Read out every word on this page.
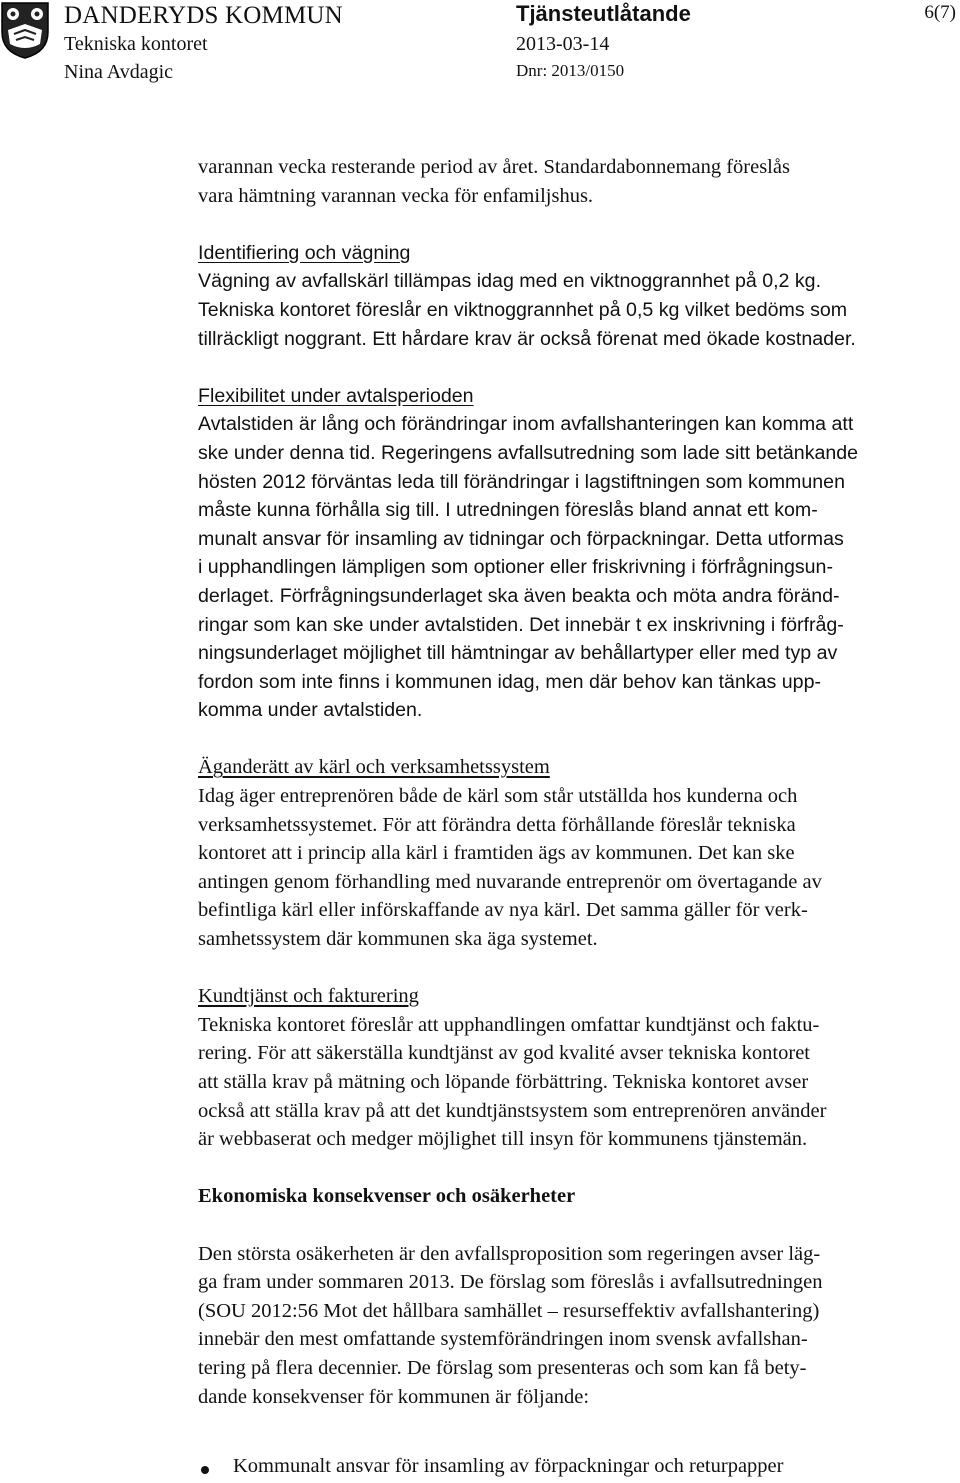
DANDERYDS KOMMUN
Tekniska kontoret
Nina Avdagic
Tjänsteutlåtande
2013-03-14
Dnr: 2013/0150
6(7)

varannan vecka resterande period av året. Standardabonnemang föreslås
vara hämtning varannan vecka för enfamiljshus.

Identifiering och vägning
Vägning av avfallskärl tillämpas idag med en viktnoggrannhet på 0,2 kg.
Tekniska kontoret föreslår en viktnoggrannhet på 0,5 kg vilket bedöms som
tillräckligt noggrant. Ett hårdare krav är också förenat med ökade kostnader.
Flexibilitet under avtalsperioden
Avtalstiden är lång och förändringar inom avfallshanteringen kan komma att
ske under denna tid. Regeringens avfallsutredning som lade sitt betänkande
hösten 2012 förväntas leda till förändringar i lagstiftningen som kommunen
måste kunna förhålla sig till. I utredningen föreslås bland annat ett kom-
munalt ansvar för insamling av tidningar och förpackningar. Detta utformas
i upphandlingen lämpligen som optioner eller friskrivning i förfrågningsun-
derlaget. Förfrågningsunderlaget ska även beakta och möta andra föränd-
ringar som kan ske under avtalstiden. Det innebär t ex inskrivning i förfråg-
ningsunderlaget möjlighet till hämtningar av behållartyper eller med typ av
fordon som inte finns i kommunen idag, men där behov kan tänkas upp-
komma under avtalstiden.
Äganderätt av kärl och verksamhetssystem
Idag äger entreprenören både de kärl som står utställda hos kunderna och
verksamhetssystemet. För att förändra detta förhållande föreslår tekniska
kontoret att i princip alla kärl i framtiden ägs av kommunen. Det kan ske
antingen genom förhandling med nuvarande entreprenör om övertagande av
befintliga kärl eller införskaffande av nya kärl. Det samma gäller för verk-
samhetssystem där kommunen ska äga systemet.
Kundtjänst och fakturering
Tekniska kontoret föreslår att upphandlingen omfattar kundtjänst och faktu-
rering. För att säkerställa kundtjänst av god kvalité avser tekniska kontoret
att ställa krav på mätning och löpande förbättring. Tekniska kontoret avser
också att ställa krav på att det kundtjänstsystem som entreprenören använder
är webbaserat och medger möjlighet till insyn för kommunens tjänstemän.
Ekonomiska konsekvenser och osäkerheter
Den största osäkerheten är den avfallsproposition som regeringen avser läg-
ga fram under sommaren 2013. De förslag som föreslås i avfallsutredningen
(SOU 2012:56 Mot det hållbara samhället – resurseffektiv avfallshantering)
innebär den mest omfattande systemförändringen inom svensk avfallshan-
tering på flera decennier. De förslag som presenteras och som kan få bety-
dande konsekvenser för kommunen är följande:
Kommunalt ansvar för insamling av förpackningar och returpapper
